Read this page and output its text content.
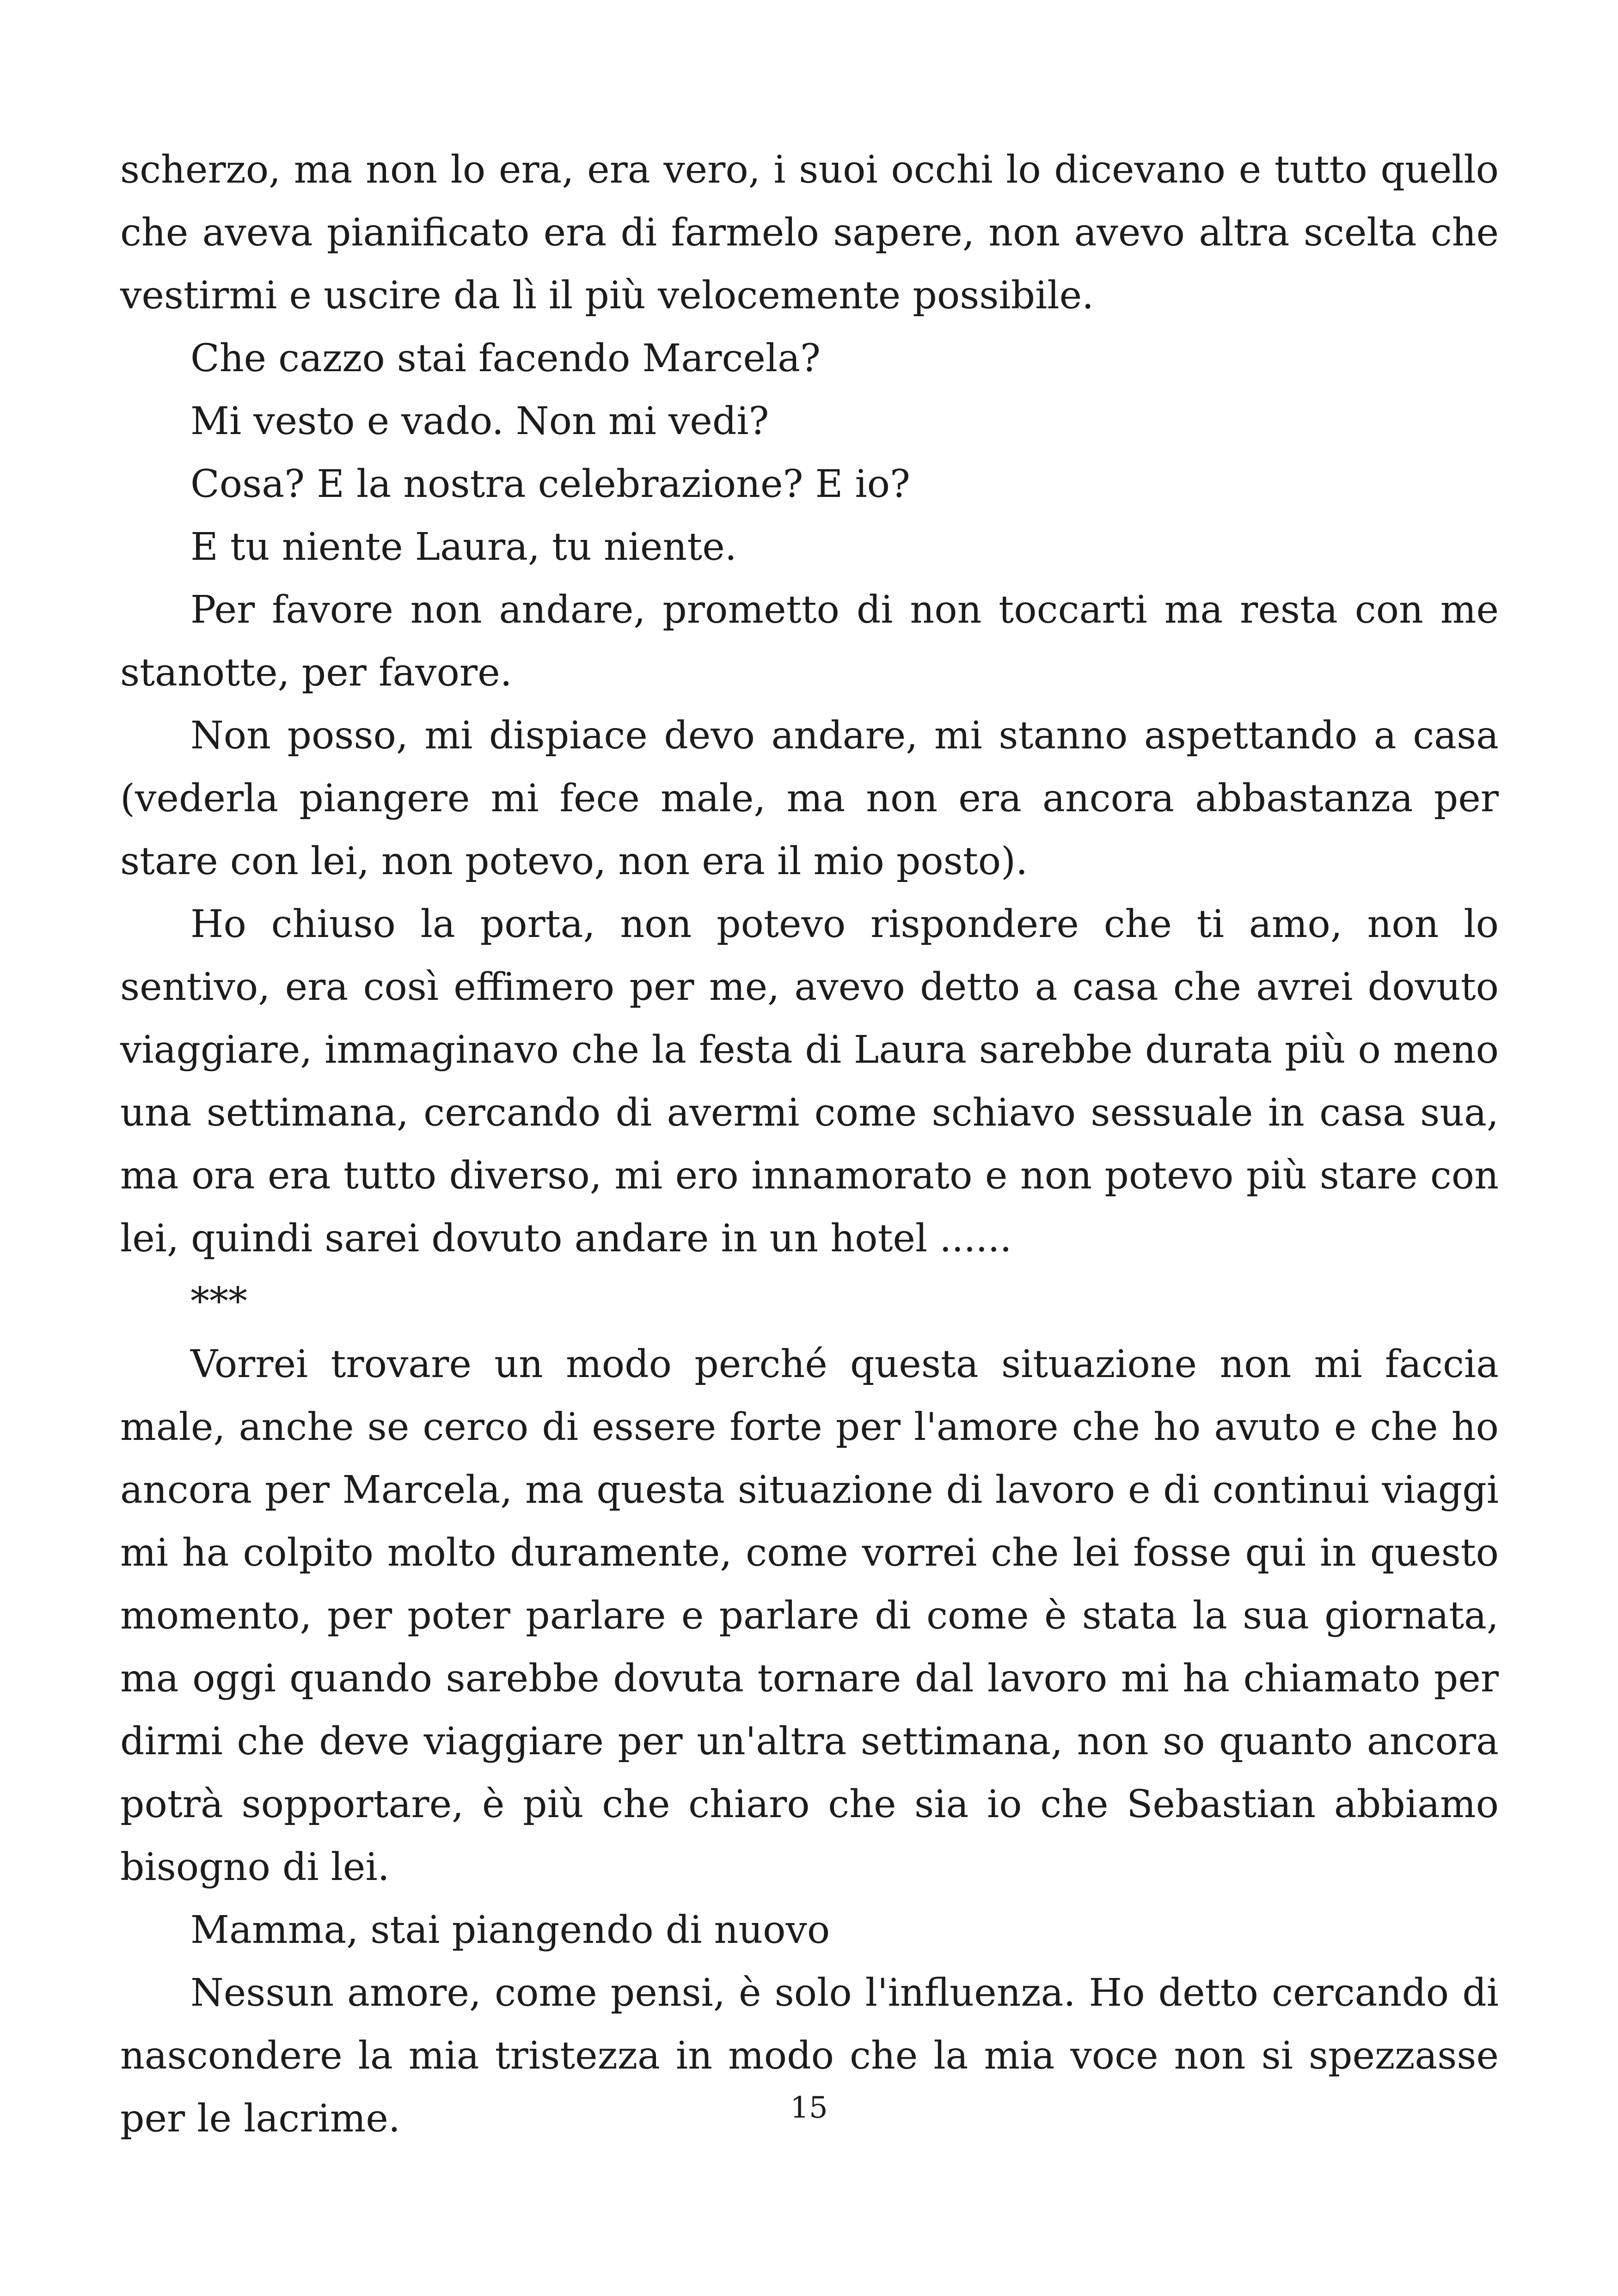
scherzo, ma non lo era, era vero, i suoi occhi lo dicevano e tutto quello che aveva pianificato era di farmelo sapere, non avevo altra scelta che vestirmi e uscire da lì il più velocemente possibile.

Che cazzo stai facendo Marcela?

Mi vesto e vado. Non mi vedi?

Cosa? E la nostra celebrazione? E io?

E tu niente Laura, tu niente.

Per favore non andare, prometto di non toccarti ma resta con me stanotte, per favore.

Non posso, mi dispiace devo andare, mi stanno aspettando a casa (vederla piangere mi fece male, ma non era ancora abbastanza per stare con lei, non potevo, non era il mio posto).

Ho chiuso la porta, non potevo rispondere che ti amo, non lo sentivo, era così effimero per me, avevo detto a casa che avrei dovuto viaggiare, immaginavo che la festa di Laura sarebbe durata più o meno una settimana, cercando di avermi come schiavo sessuale in casa sua, ma ora era tutto diverso, mi ero innamorato e non potevo più stare con lei, quindi sarei dovuto andare in un hotel ......

***

Vorrei trovare un modo perché questa situazione non mi faccia male, anche se cerco di essere forte per l'amore che ho avuto e che ho ancora per Marcela, ma questa situazione di lavoro e di continui viaggi mi ha colpito molto duramente, come vorrei che lei fosse qui in questo momento, per poter parlare e parlare di come è stata la sua giornata, ma oggi quando sarebbe dovuta tornare dal lavoro mi ha chiamato per dirmi che deve viaggiare per un'altra settimana, non so quanto ancora potrà sopportare, è più che chiaro che sia io che Sebastian abbiamo bisogno di lei.

Mamma, stai piangendo di nuovo

Nessun amore, come pensi, è solo l'influenza. Ho detto cercando di nascondere la mia tristezza in modo che la mia voce non si spezzasse per le lacrime.	15
